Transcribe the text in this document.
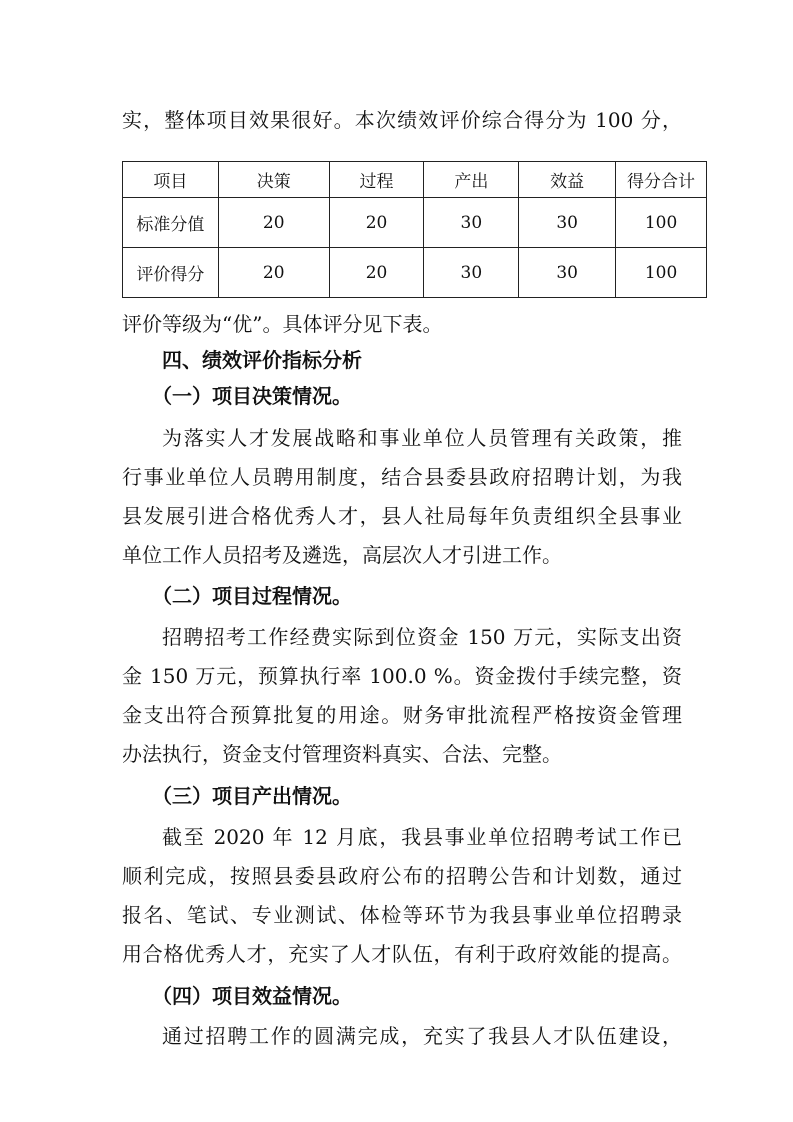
实，整体项目效果很好。本次绩效评价综合得分为 100 分，
项目	决策	过程	产出	效益	得分合计
标准分值	20	20	30	30	100
评价得分	20	20	30	30	100
评价等级为“优”。具体评分见下表。
四、绩效评价指标分析
（一）项目决策情况。
为落实人才发展战略和事业单位人员管理有关政策，推
行事业单位人员聘用制度，结合县委县政府招聘计划，为我
县发展引进合格优秀人才，县人社局每年负责组织全县事业
单位工作人员招考及遴选，高层次人才引进工作。
（二）项目过程情况。
招聘招考工作经费实际到位资金 150 万元，实际支出资
金 150 万元，预算执行率 100.0 %。资金拨付手续完整，资
金支出符合预算批复的用途。财务审批流程严格按资金管理
办法执行，资金支付管理资料真实、合法、完整。
（三）项目产出情况。
截至 2020 年 12 月底，我县事业单位招聘考试工作已
顺利完成，按照县委县政府公布的招聘公告和计划数，通过
报名、笔试、专业测试、体检等环节为我县事业单位招聘录
用合格优秀人才，充实了人才队伍，有利于政府效能的提高。
（四）项目效益情况。
通过招聘工作的圆满完成，充实了我县人才队伍建设，
